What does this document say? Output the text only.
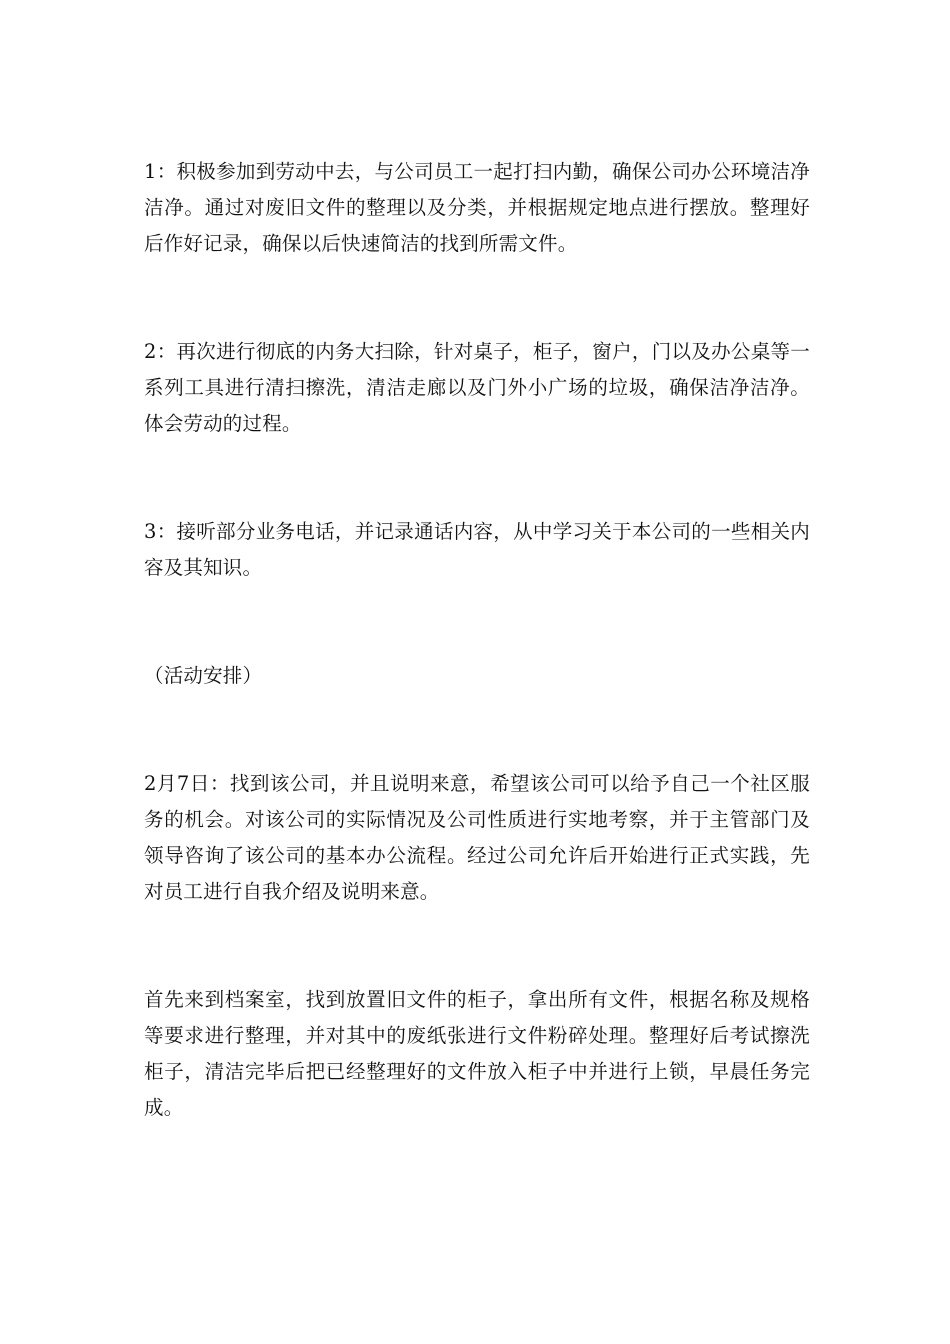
1：积极参加到劳动中去，与公司员工一起打扫内勤，确保公司办公环境洁净洁净。通过对废旧文件的整理以及分类，并根据规定地点进行摆放。整理好后作好记录，确保以后快速简洁的找到所需文件。

2：再次进行彻底的内务大扫除，针对桌子，柜子，窗户，门以及办公桌等一系列工具进行清扫擦洗，清洁走廊以及门外小广场的垃圾，确保洁净洁净。体会劳动的过程。

3：接听部分业务电话，并记录通话内容，从中学习关于本公司的一些相关内容及其知识。

（活动安排）

2月7日：找到该公司，并且说明来意，希望该公司可以给予自己一个社区服务的机会。对该公司的实际情况及公司性质进行实地考察，并于主管部门及领导咨询了该公司的基本办公流程。经过公司允许后开始进行正式实践，先对员工进行自我介绍及说明来意。

首先来到档案室，找到放置旧文件的柜子，拿出所有文件，根据名称及规格等要求进行整理，并对其中的废纸张进行文件粉碎处理。整理好后考试擦洗柜子，清洁完毕后把已经整理好的文件放入柜子中并进行上锁，早晨任务完成。
